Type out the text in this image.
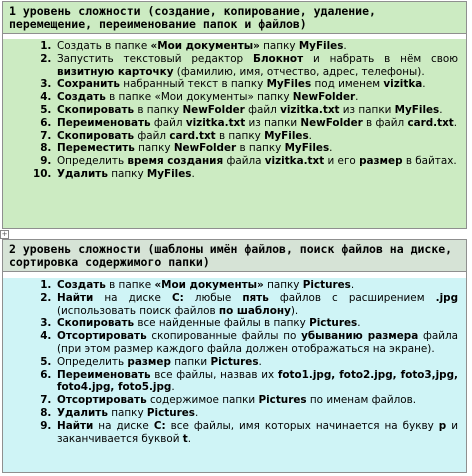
1 уровень сложности (создание, копирование, удаление, перемещение, переименование папок и файлов)
1. Создать в папке «Мои документы» папку MyFiles.
2. Запустить текстовый редактор Блокнот и набрать в нём свою визитную карточку (фамилию, имя, отчество, адрес, телефоны).
3. Сохранить набранный текст в папку MyFiles под именем vizitka.
4. Создать в папке «Мои документы» папку NewFolder.
5. Скопировать в папку NewFolder файл vizitka.txt из папки MyFiles.
6. Переименовать файл vizitka.txt из папки NewFolder в файл card.txt.
7. Скопировать файл card.txt в папку MyFiles.
8. Переместить папку NewFolder в папку MyFiles.
9. Определить время создания файла vizitka.txt и его размер в байтах.
10. Удалить папку MyFiles.
+
2 уровень сложности (шаблоны имён файлов, поиск файлов на диске, сортировка содержимого папки)
1. Создать в папке «Мои документы» папку Pictures.
2. Найти на диске C: любые пять файлов с расширением .jpg (использовать поиск файлов по шаблону).
3. Скопировать все найденные файлы в папку Pictures.
4. Отсортировать скопированные файлы по убыванию размера файла (при этом размер каждого файла должен отображаться на экране).
5. Определить размер папки Pictures.
6. Переименовать все файлы, назвав их foto1.jpg, foto2.jpg, foto3,jpg, foto4.jpg, foto5.jpg.
7. Отсортировать содержимое папки Pictures по именам файлов.
8. Удалить папку Pictures.
9. Найти на диске C: все файлы, имя которых начинается на букву р и заканчивается буквой t.
